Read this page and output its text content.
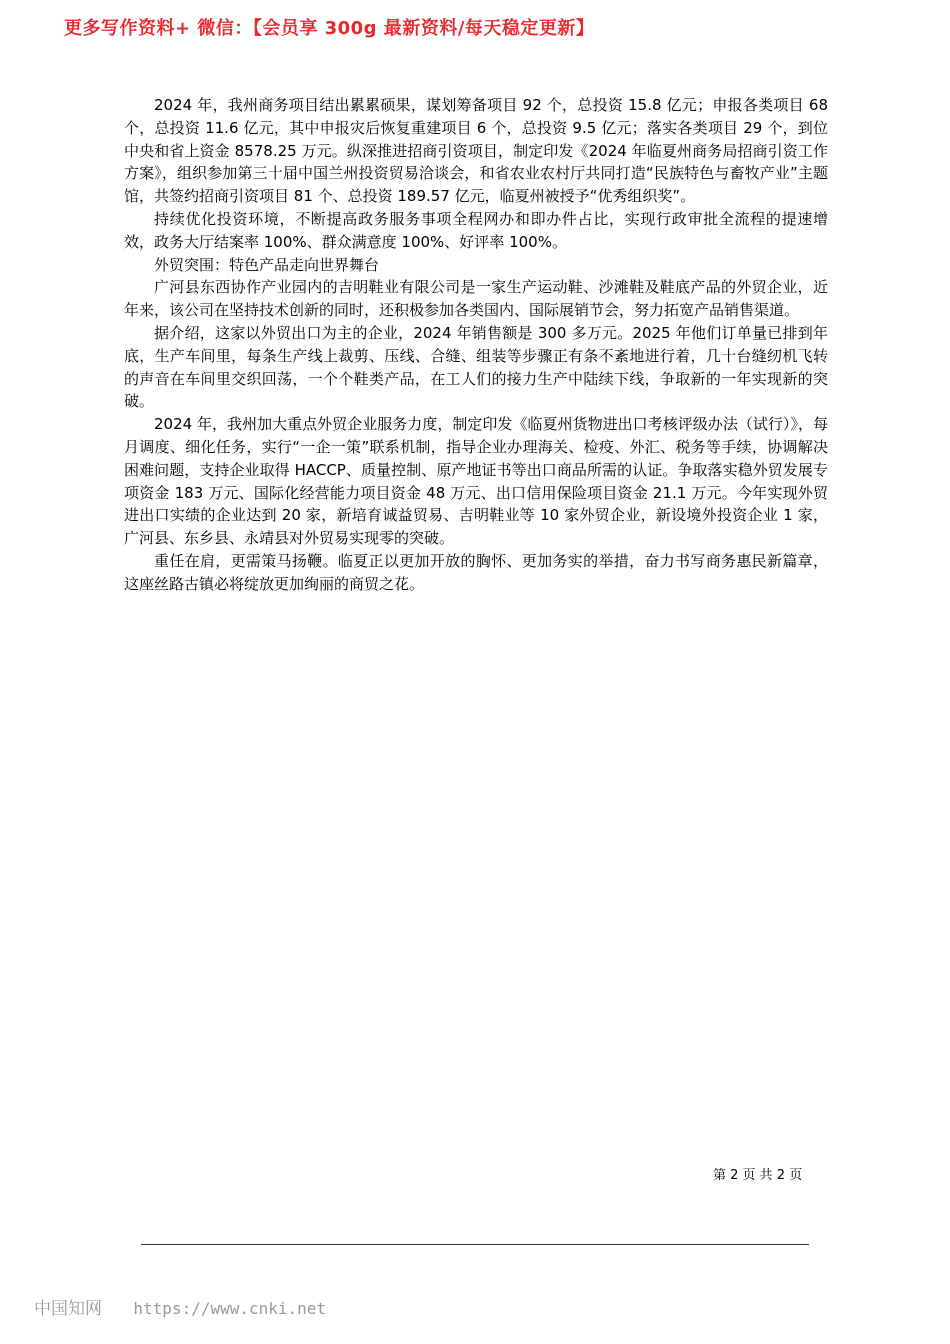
更多写作资料+ 微信：【会员享 300g 最新资料/每天稳定更新】

2024 年，我州商务项目结出累累硕果，谋划筹备项目 92 个，总投资 15.8 亿元；申报各类项目 68 个，总投资 11.6 亿元，其中申报灾后恢复重建项目 6 个，总投资 9.5 亿元；落实各类项目 29 个，到位中央和省上资金 8578.25 万元。纵深推进招商引资项目，制定印发《2024 年临夏州商务局招商引资工作方案》，组织参加第三十届中国兰州投资贸易洽谈会，和省农业农村厅共同打造“民族特色与畜牧产业”主题馆，共签约招商引资项目 81 个、总投资 189.57 亿元，临夏州被授予“优秀组织奖”。

持续优化投资环境，不断提高政务服务事项全程网办和即办件占比，实现行政审批全流程的提速增效，政务大厅结案率 100%、群众满意度 100%、好评率 100%。

外贸突围：特色产品走向世界舞台

广河县东西协作产业园内的吉明鞋业有限公司是一家生产运动鞋、沙滩鞋及鞋底产品的外贸企业，近年来，该公司在坚持技术创新的同时，还积极参加各类国内、国际展销节会，努力拓宽产品销售渠道。

据介绍，这家以外贸出口为主的企业，2024 年销售额是 300 多万元。2025 年他们订单量已排到年底，生产车间里，每条生产线上裁剪、压线、合缝、组装等步骤正有条不紊地进行着，几十台缝纫机飞转的声音在车间里交织回荡，一个个鞋类产品，在工人们的接力生产中陆续下线，争取新的一年实现新的突破。

2024 年，我州加大重点外贸企业服务力度，制定印发《临夏州货物进出口考核评级办法（试行）》，每月调度、细化任务，实行“一企一策”联系机制，指导企业办理海关、检疫、外汇、税务等手续，协调解决困难问题，支持企业取得 HACCP、质量控制、原产地证书等出口商品所需的认证。争取落实稳外贸发展专项资金 183 万元、国际化经营能力项目资金 48 万元、出口信用保险项目资金 21.1 万元。今年实现外贸进出口实绩的企业达到 20 家，新培育诚益贸易、吉明鞋业等 10 家外贸企业，新设境外投资企业 1 家，广河县、东乡县、永靖县对外贸易实现零的突破。

重任在肩，更需策马扬鞭。临夏正以更加开放的胸怀、更加务实的举措，奋力书写商务惠民新篇章，这座丝路古镇必将绽放更加绚丽的商贸之花。

第 2 页 共 2 页
中国知网 https://www.cnki.net
